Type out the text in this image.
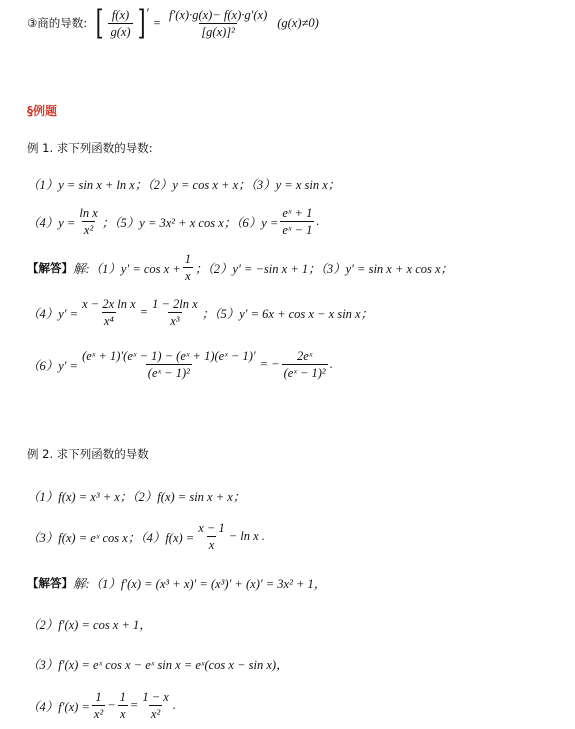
③商的导数: [ $\frac{f(x)}{g(x)}$ ] ′
= $\frac{f'(x)\cdot g(x)- f(x)\cdot g'(x)}{\text{[g(x)]²}} (g(x)\ne 0)$
§例题
例 1. 求下列函数的导数:
（1）y = sin x + ln x；（2）y = cos x + x；（3）y = x sin x；
$(4)y = \frac{\text{ln x}}{\text{x²}}$ ；（5）y = 3x² + x cos x；$(6)y = \frac{\text{eˣ + 1}}{\text{eˣ − 1}}$ .
【解答】 解:（1）y′ = $\cos x + \frac{1}{x}$ ；（2）y′ = −sin x + 1；（3）y′ = sin x + x cos x；
$(4)y' = \frac{\text{x − 2x ln x}}{\text{x⁴}} = \frac{\text{1 − 2ln x}}{\text{x³}}$ ；（5）y′ = 6x + cos x − x sin x；
$(6)y' = \frac{\text{(eˣ + 1)′(eˣ − 1) − (eˣ + 1)(eˣ − 1)′}}{\text{(eˣ − 1)²}}$ = − $\frac{\text{2eˣ}}{\text{(eˣ − 1)²}}$ .
例 2. 求下列函数的导数
（1）f(x) = x³ + x；（2）f(x) = sin x + x；
（3）f(x) = eˣ cos x；$(4)f(x) = \frac{x - 1}{x} - \ln x$ .
【解答】 解:（1）f′(x) = (x³ + x)′ = (x³)′ + (x)′ = 3x² + 1，
（2）f′(x) = cos x + 1，
（3）f′(x) = eˣ cos x − eˣ sin x = eˣ(cos x − sin x)，
$(4)f'(x) = \frac{1}{\text{x²}} - \frac{1}{x} = \frac{1 - x}{\text{x²}}$ .
